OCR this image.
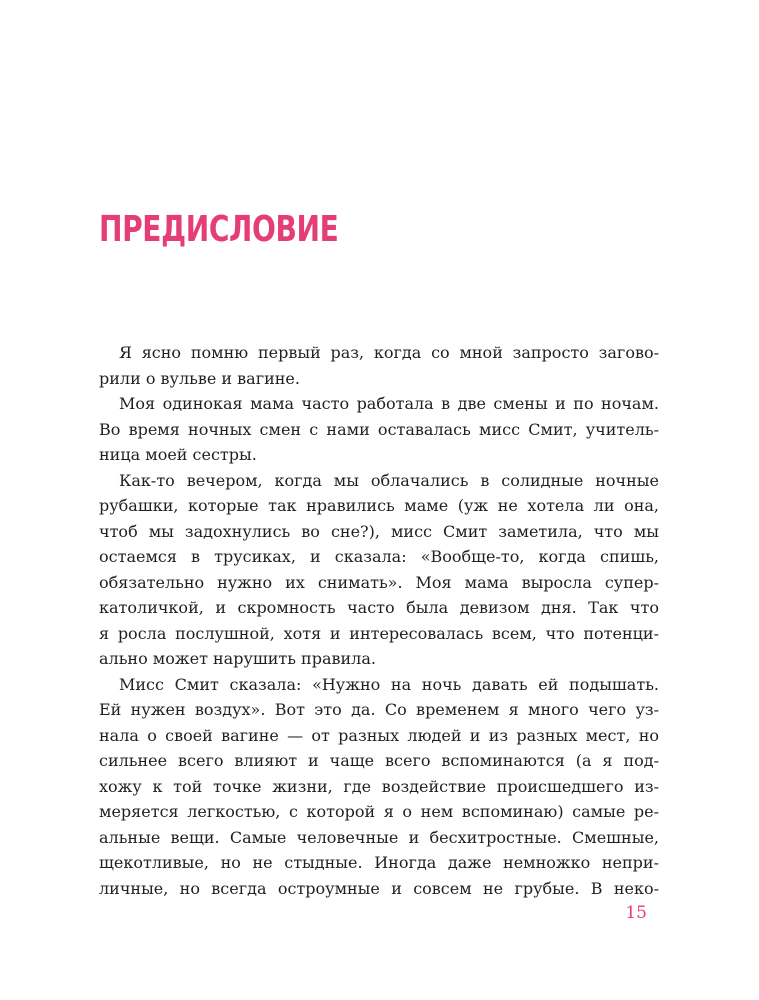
ПРЕДИСЛОВИЕ
Я ясно помню первый раз, когда со мной запросто загово-
рили о вульве и вагине.
Моя одинокая мама часто работала в две смены и по ночам.
Во время ночных смен с нами оставалась мисс Смит, учитель-
ница моей сестры.
Как-то вечером, когда мы облачались в солидные ночные
рубашки, которые так нравились маме (уж не хотела ли она,
чтоб мы задохнулись во сне?), мисс Смит заметила, что мы
остаемся в трусиках, и сказала: «Вообще-то, когда спишь,
обязательно нужно их снимать». Моя мама выросла супер-
католичкой, и скромность часто была девизом дня. Так что
я росла послушной, хотя и интересовалась всем, что потенци-
ально может нарушить правила.
Мисс Смит сказала: «Нужно на ночь давать ей подышать.
Ей нужен воздух». Вот это да. Со временем я много чего уз-
нала о своей вагине — от разных людей и из разных мест, но
сильнее всего влияют и чаще всего вспоминаются (а я под-
хожу к той точке жизни, где воздействие происшедшего из-
меряется легкостью, с которой я о нем вспоминаю) самые ре-
альные вещи. Самые человечные и бесхитростные. Смешные,
щекотливые, но не стыдные. Иногда даже немножко непри-
личные, но всегда остроумные и совсем не грубые. В неко-
15
